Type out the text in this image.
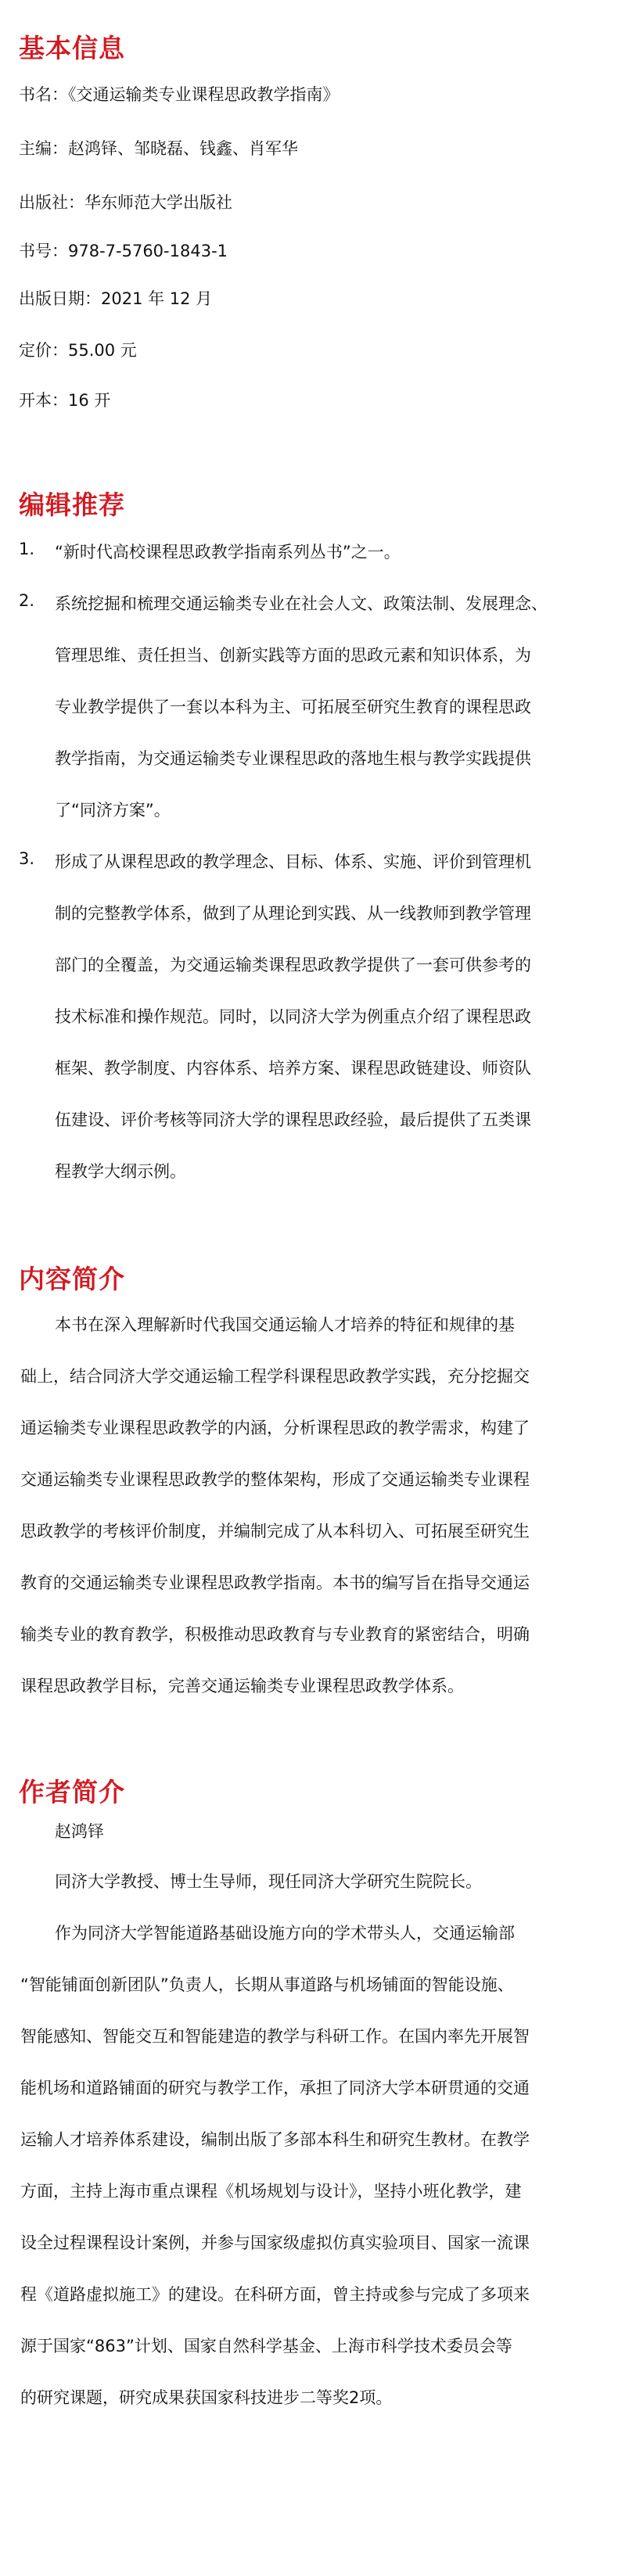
基本信息
书名：《交通运输类专业课程思政教学指南》
主编：赵鸿铎、邹晓磊、钱鑫、肖军华
出版社：华东师范大学出版社
书号：978-7-5760-1843-1
出版日期：2021 年 12 月
定价：55.00 元
开本：16 开
编辑推荐
1. “新时代高校课程思政教学指南系列丛书”之一。
2. 系统挖掘和梳理交通运输类专业在社会人文、政策法制、发展理念、
管理思维、责任担当、创新实践等方面的思政元素和知识体系，为
专业教学提供了一套以本科为主、可拓展至研究生教育的课程思政
教学指南，为交通运输类专业课程思政的落地生根与教学实践提供
了“同济方案”。
3. 形成了从课程思政的教学理念、目标、体系、实施、评价到管理机
制的完整教学体系，做到了从理论到实践、从一线教师到教学管理
部门的全覆盖，为交通运输类课程思政教学提供了一套可供参考的
技术标准和操作规范。同时，以同济大学为例重点介绍了课程思政
框架、教学制度、内容体系、培养方案、课程思政链建设、师资队
伍建设、评价考核等同济大学的课程思政经验，最后提供了五类课
程教学大纲示例。
内容简介
本书在深入理解新时代我国交通运输人才培养的特征和规律的基
础上，结合同济大学交通运输工程学科课程思政教学实践，充分挖掘交
通运输类专业课程思政教学的内涵，分析课程思政的教学需求，构建了
交通运输类专业课程思政教学的整体架构，形成了交通运输类专业课程
思政教学的考核评价制度，并编制完成了从本科切入、可拓展至研究生
教育的交通运输类专业课程思政教学指南。本书的编写旨在指导交通运
输类专业的教育教学，积极推动思政教育与专业教育的紧密结合，明确
课程思政教学目标，完善交通运输类专业课程思政教学体系。
作者简介
赵鸿铎
同济大学教授、博士生导师，现任同济大学研究生院院长。
作为同济大学智能道路基础设施方向的学术带头人，交通运输部
“智能铺面创新团队”负责人，长期从事道路与机场铺面的智能设施、
智能感知、智能交互和智能建造的教学与科研工作。在国内率先开展智
能机场和道路铺面的研究与教学工作，承担了同济大学本研贯通的交通
运输人才培养体系建设，编制出版了多部本科生和研究生教材。在教学
方面，主持上海市重点课程《机场规划与设计》，坚持小班化教学，建
设全过程课程设计案例，并参与国家级虚拟仿真实验项目、国家一流课
程《道路虚拟施工》的建设。在科研方面，曾主持或参与完成了多项来
源于国家“863”计划、国家自然科学基金、上海市科学技术委员会等
的研究课题，研究成果获国家科技进步二等奖2项。
